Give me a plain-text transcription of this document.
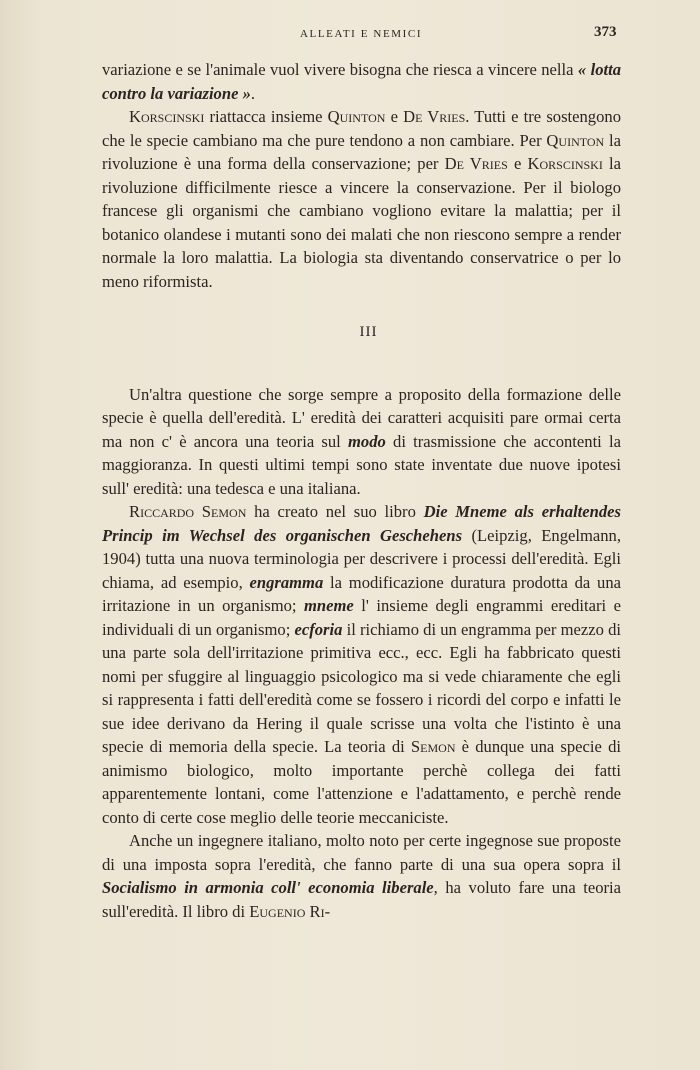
ALLEATI E NEMICI	373

variazione e se l'animale vuol vivere bisogna che riesca a vincere nella « lotta contro la variazione ».

Korscinski riattacca insieme Quinton e De Vries. Tutti e tre sostengono che le specie cambiano ma che pure tendono a non cambiare. Per Quinton la rivoluzione è una forma della conservazione; per De Vries e Korscinski la rivoluzione difficilmente riesce a vincere la conservazione. Per il biologo francese gli organismi che cambiano vogliono evitare la malattia; per il botanico olandese i mutanti sono dei malati che non riescono sempre a render normale la loro malattia. La biologia sta diventando conservatrice o per lo meno riformista.

III

Un'altra questione che sorge sempre a proposito della formazione delle specie è quella dell'eredità. L' eredità dei caratteri acquisiti pare ormai certa ma non c' è ancora una teoria sul modo di trasmissione che accontenti la maggioranza. In questi ultimi tempi sono state inventate due nuove ipotesi sull' eredità: una tedesca e una italiana.

Riccardo Semon ha creato nel suo libro Die Mneme als erhaltendes Princip im Wechsel des organischen Geschehens (Leipzig, Engelmann, 1904) tutta una nuova terminologia per descrivere i processi dell'eredità. Egli chiama, ad esempio, engramma la modificazione duratura prodotta da una irritazione in un organismo; mneme l' insieme degli engrammi ereditari e individuali di un organismo; ecforia il richiamo di un engramma per mezzo di una parte sola dell'irritazione primitiva ecc., ecc. Egli ha fabbricato questi nomi per sfuggire al linguaggio psicologico ma si vede chiaramente che egli si rappresenta i fatti dell'eredità come se fossero i ricordi del corpo e infatti le sue idee derivano da Hering il quale scrisse una volta che l'istinto è una specie di memoria della specie. La teoria di Semon è dunque una specie di animismo biologico, molto importante perchè collega dei fatti apparentemente lontani, come l'attenzione e l'adattamento, e perchè rende conto di certe cose meglio delle teorie meccaniciste.

Anche un ingegnere italiano, molto noto per certe ingegnose sue proposte di una imposta sopra l'eredità, che fanno parte di una sua opera sopra il Socialismo in armonia coll' economia liberale, ha voluto fare una teoria sull'eredità. Il libro di Eugenio Ri-
